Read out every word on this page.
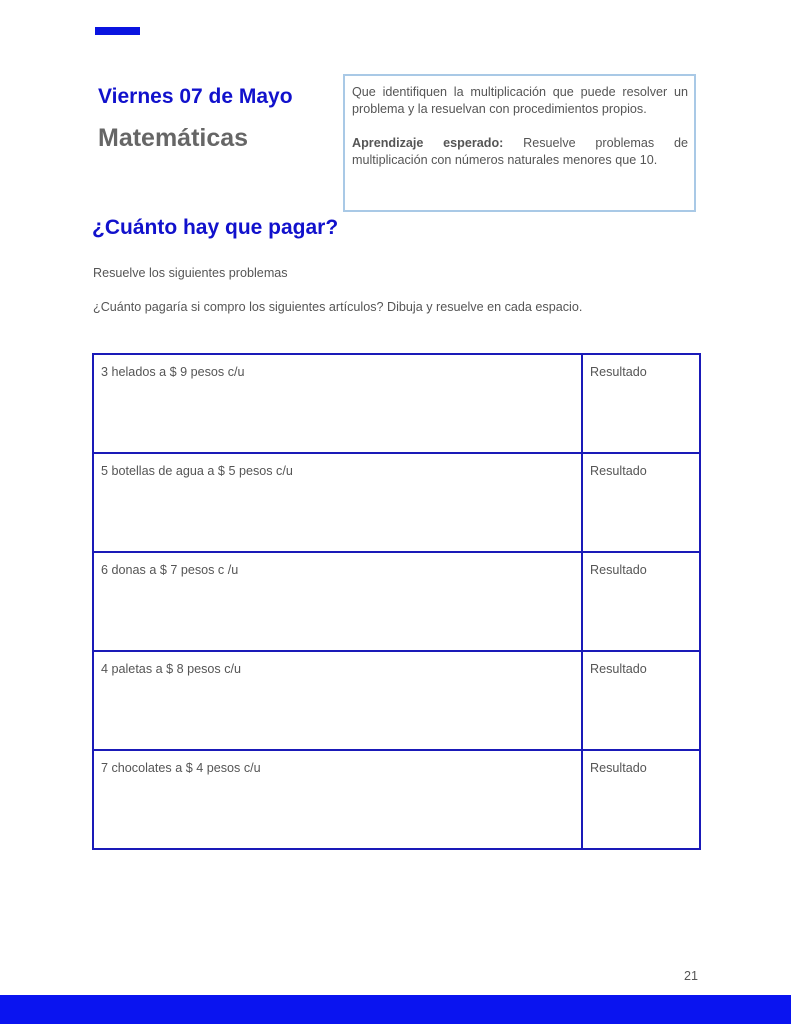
Viernes 07 de Mayo
Matemáticas

Que identifiquen la multiplicación que puede resolver un problema y la resuelvan con procedimientos propios.

Aprendizaje esperado: Resuelve problemas de multiplicación con números naturales menores que 10.

¿Cuánto hay que pagar?
Resuelve los siguientes problemas
¿Cuánto pagaría si compro los siguientes artículos? Dibuja y resuelve en cada espacio.
3 helados a $ 9 pesos c/u	Resultado
5 botellas de agua a $ 5 pesos c/u	Resultado
6 donas a $ 7 pesos c /u	Resultado
4 paletas a $ 8 pesos c/u	Resultado
7 chocolates a $ 4 pesos c/u	Resultado
21
